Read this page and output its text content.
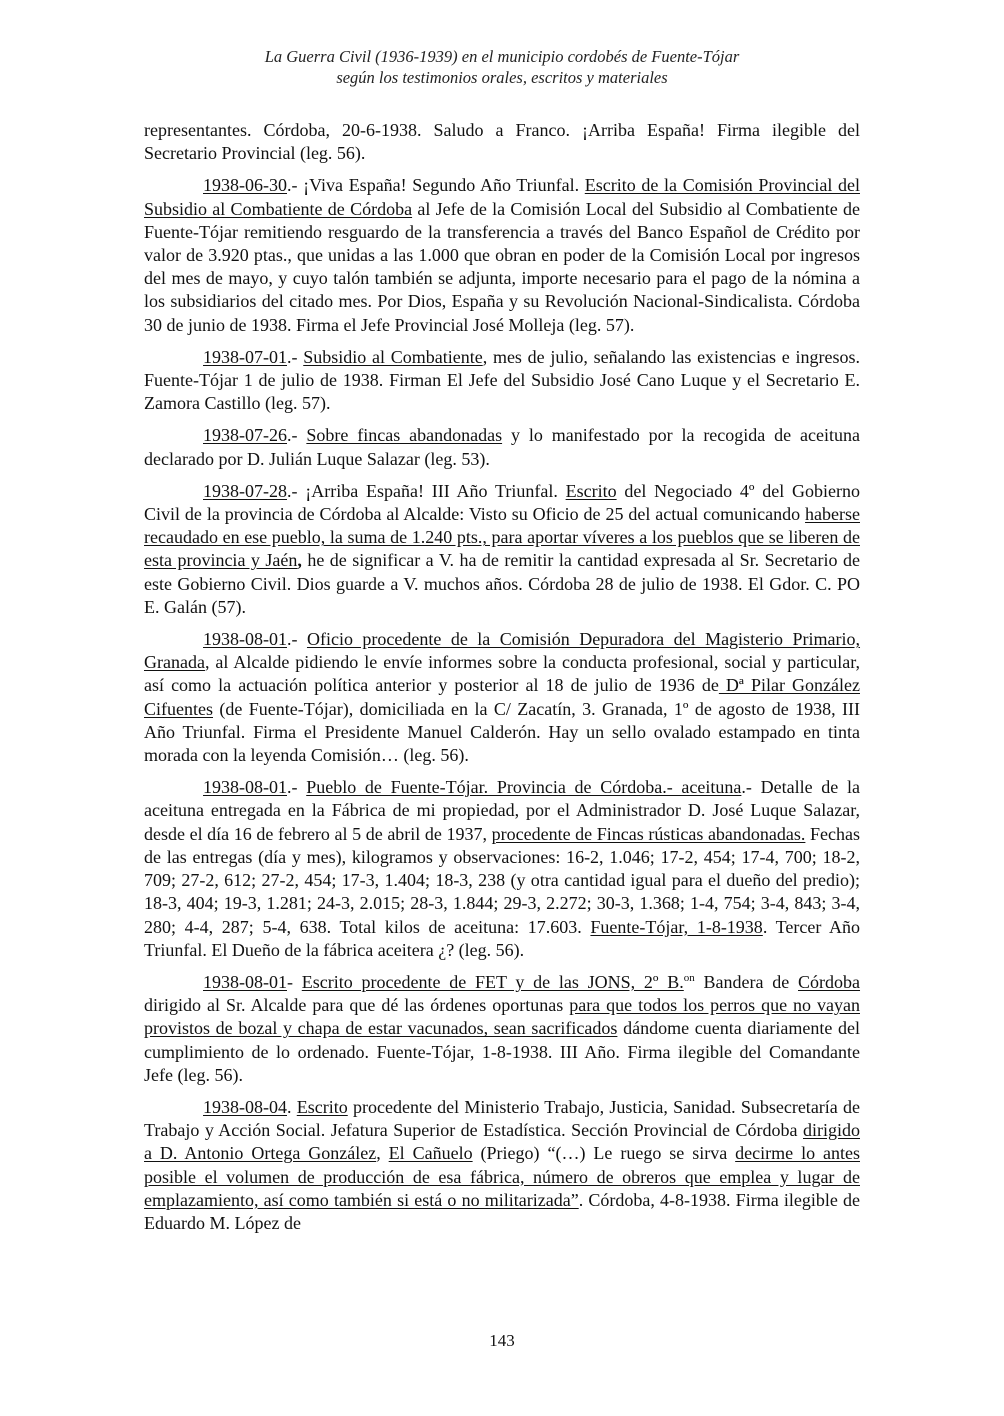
La Guerra Civil (1936-1939) en el municipio cordobés de Fuente-Tójar
según los testimonios orales, escritos y materiales

representantes. Córdoba, 20-6-1938. Saludo a Franco. ¡Arriba España! Firma ilegible del Secretario Provincial (leg. 56).

1938-06-30.- ¡Viva España! Segundo Año Triunfal. Escrito de la Comisión Provincial del Subsidio al Combatiente de Córdoba al Jefe de la Comisión Local del Subsidio al Combatiente de Fuente-Tójar remitiendo resguardo de la transferencia a través del Banco Español de Crédito por valor de 3.920 ptas., que unidas a las 1.000 que obran en poder de la Comisión Local por ingresos del mes de mayo, y cuyo talón también se adjunta, importe necesario para el pago de la nómina a los subsidiarios del citado mes. Por Dios, España y su Revolución Nacional-Sindicalista. Córdoba 30 de junio de 1938. Firma el Jefe Provincial José Molleja (leg. 57).

1938-07-01.- Subsidio al Combatiente, mes de julio, señalando las existencias e ingresos. Fuente-Tójar 1 de julio de 1938. Firman El Jefe del Subsidio José Cano Luque y el Secretario E. Zamora Castillo (leg. 57).

1938-07-26.- Sobre fincas abandonadas y lo manifestado por la recogida de aceituna declarado por D. Julián Luque Salazar (leg. 53).

1938-07-28.- ¡Arriba España! III Año Triunfal. Escrito del Negociado 4º del Gobierno Civil de la provincia de Córdoba al Alcalde: Visto su Oficio de 25 del actual comunicando haberse recaudado en ese pueblo, la suma de 1.240 pts., para aportar víveres a los pueblos que se liberen de esta provincia y Jaén, he de significar a V. ha de remitir la cantidad expresada al Sr. Secretario de este Gobierno Civil. Dios guarde a V. muchos años. Córdoba 28 de julio de 1938. El Gdor. C. PO E. Galán (57).

1938-08-01.- Oficio procedente de la Comisión Depuradora del Magisterio Primario, Granada, al Alcalde pidiendo le envíe informes sobre la conducta profesional, social y particular, así como la actuación política anterior y posterior al 18 de julio de 1936 de Dª Pilar González Cifuentes (de Fuente-Tójar), domiciliada en la C/ Zacatín, 3. Granada, 1º de agosto de 1938, III Año Triunfal. Firma el Presidente Manuel Calderón. Hay un sello ovalado estampado en tinta morada con la leyenda Comisión… (leg. 56).

1938-08-01.- Pueblo de Fuente-Tójar. Provincia de Córdoba.- aceituna.- Detalle de la aceituna entregada en la Fábrica de mi propiedad, por el Administrador D. José Luque Salazar, desde el día 16 de febrero al 5 de abril de 1937, procedente de Fincas rústicas abandonadas. Fechas de las entregas (día y mes), kilogramos y observaciones: 16-2, 1.046; 17-2, 454; 17-4, 700; 18-2, 709; 27-2, 612; 27-2, 454; 17-3, 1.404; 18-3, 238 (y otra cantidad igual para el dueño del predio); 18-3, 404; 19-3, 1.281; 24-3, 2.015; 28-3, 1.844; 29-3, 2.272; 30-3, 1.368; 1-4, 754; 3-4, 843; 3-4, 280; 4-4, 287; 5-4, 638. Total kilos de aceituna: 17.603. Fuente-Tójar, 1-8-1938. Tercer Año Triunfal. El Dueño de la fábrica aceitera ¿? (leg. 56).

1938-08-01- Escrito procedente de FET y de las JONS, 2º B.$^{on}$ Bandera de Córdoba dirigido al Sr. Alcalde para que dé las órdenes oportunas para que todos los perros que no vayan provistos de bozal y chapa de estar vacunados, sean sacrificados dándome cuenta diariamente del cumplimiento de lo ordenado. Fuente-Tójar, 1-8-1938. III Año. Firma ilegible del Comandante Jefe (leg. 56).

1938-08-04. Escrito procedente del Ministerio Trabajo, Justicia, Sanidad. Subsecretaría de Trabajo y Acción Social. Jefatura Superior de Estadística. Sección Provincial de Córdoba dirigido a D. Antonio Ortega González, El Cañuelo (Priego) “(…) Le ruego se sirva decirme lo antes posible el volumen de producción de esa fábrica, número de obreros que emplea y lugar de emplazamiento, así como también si está o no militarizada”. Córdoba, 4-8-1938. Firma ilegible de Eduardo M. López de

143
